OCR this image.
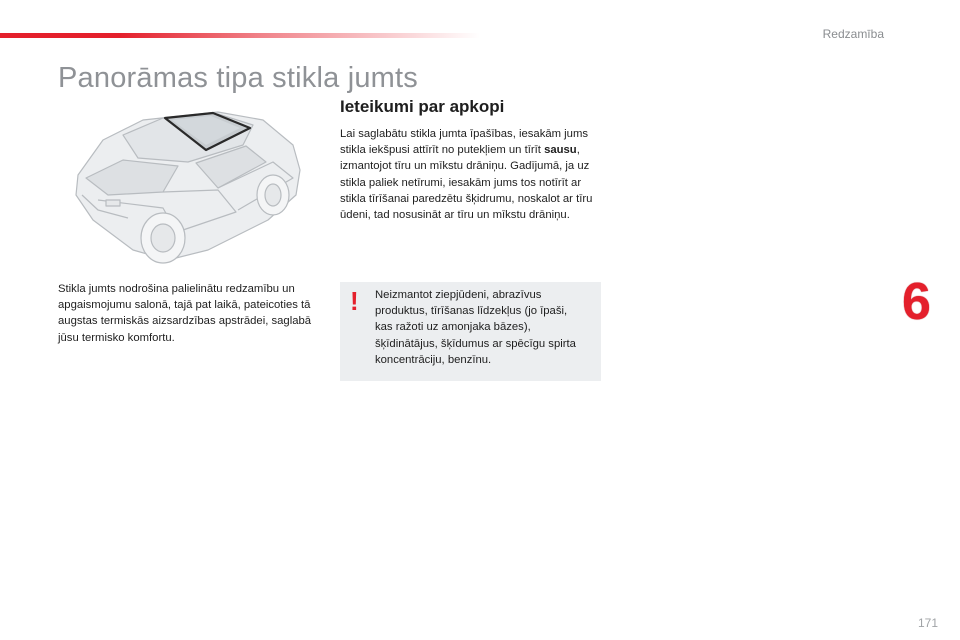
Redzamība
Panorāmas tipa stikla jumts

Stikla jumts nodrošina palielinātu redzamību un apgaismojumu salonā, tajā pat laikā, pateicoties tā augstas termiskās aizsardzības apstrādei, saglabā jūsu termisko komfortu.

Ieteikumi par apkopi

Lai saglabātu stikla jumta īpašības, iesakām jums stikla iekšpusi attīrīt no putekļiem un tīrīt sausu, izmantojot tīru un mīkstu drāniņu. Gadījumā, ja uz stikla paliek netīrumi, iesakām jums tos notīrīt ar stikla tīrīšanai paredzētu šķidrumu, noskalot ar tīru ūdeni, tad nosusināt ar tīru un mīkstu drāniņu.

! Neizmantot ziepjūdeni, abrazīvus produktus, tīrīšanas līdzekļus (jo īpaši, kas ražoti uz amonjaka bāzes), šķīdinātājus, šķīdumus ar spēcīgu spirta koncentrāciju, benzīnu.

6
171
